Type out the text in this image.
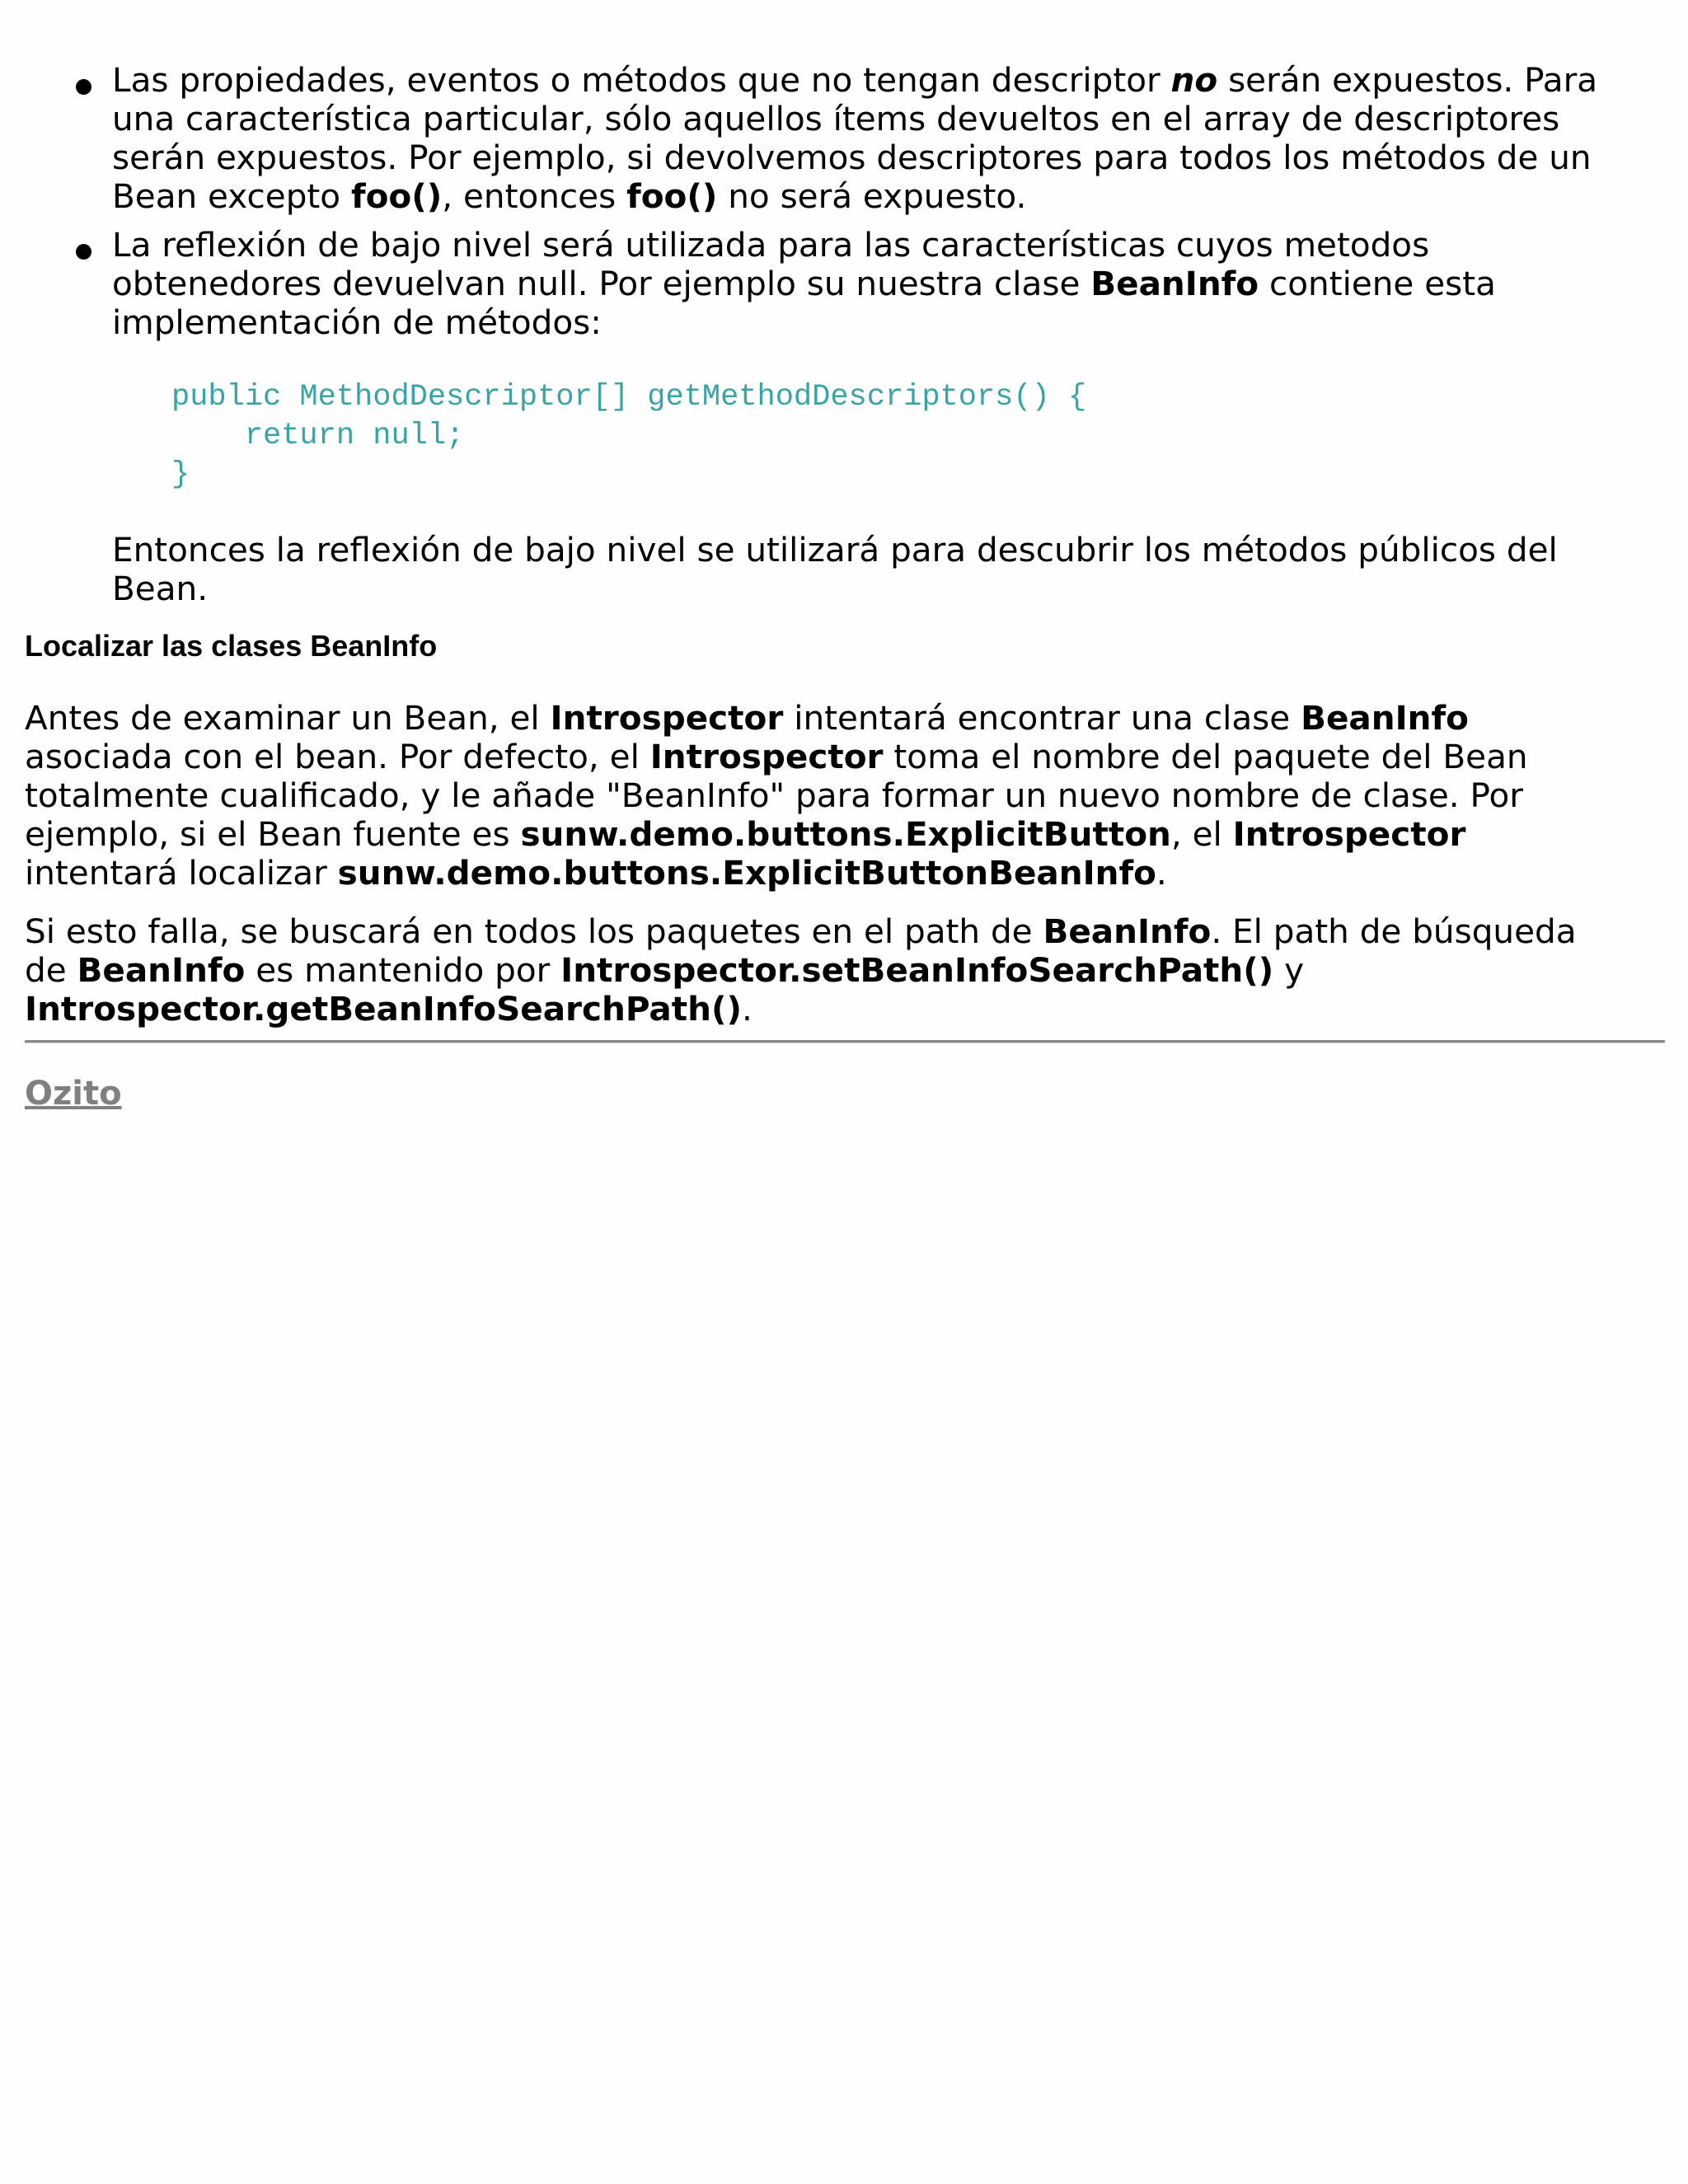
Las propiedades, eventos o métodos que no tengan descriptor no serán expuestos. Para
una característica particular, sólo aquellos ítems devueltos en el array de descriptores
serán expuestos. Por ejemplo, si devolvemos descriptores para todos los métodos de un
Bean excepto foo(), entonces foo() no será expuesto.
La reflexión de bajo nivel será utilizada para las características cuyos metodos
obtenedores devuelvan null. Por ejemplo su nuestra clase BeanInfo contiene esta
implementación de métodos:
public MethodDescriptor[] getMethodDescriptors() {
return null;
}
Entonces la reflexión de bajo nivel se utilizará para descubrir los métodos públicos del
Bean.
Localizar las clases BeanInfo

Antes de examinar un Bean, el Introspector intentará encontrar una clase BeanInfo
asociada con el bean. Por defecto, el Introspector toma el nombre del paquete del Bean
totalmente cualificado, y le añade "BeanInfo" para formar un nuevo nombre de clase. Por
ejemplo, si el Bean fuente es sunw.demo.buttons.ExplicitButton, el Introspector
intentará localizar sunw.demo.buttons.ExplicitButtonBeanInfo.

Si esto falla, se buscará en todos los paquetes en el path de BeanInfo. El path de búsqueda
de BeanInfo es mantenido por Introspector.setBeanInfoSearchPath() y
Introspector.getBeanInfoSearchPath().

Ozito
